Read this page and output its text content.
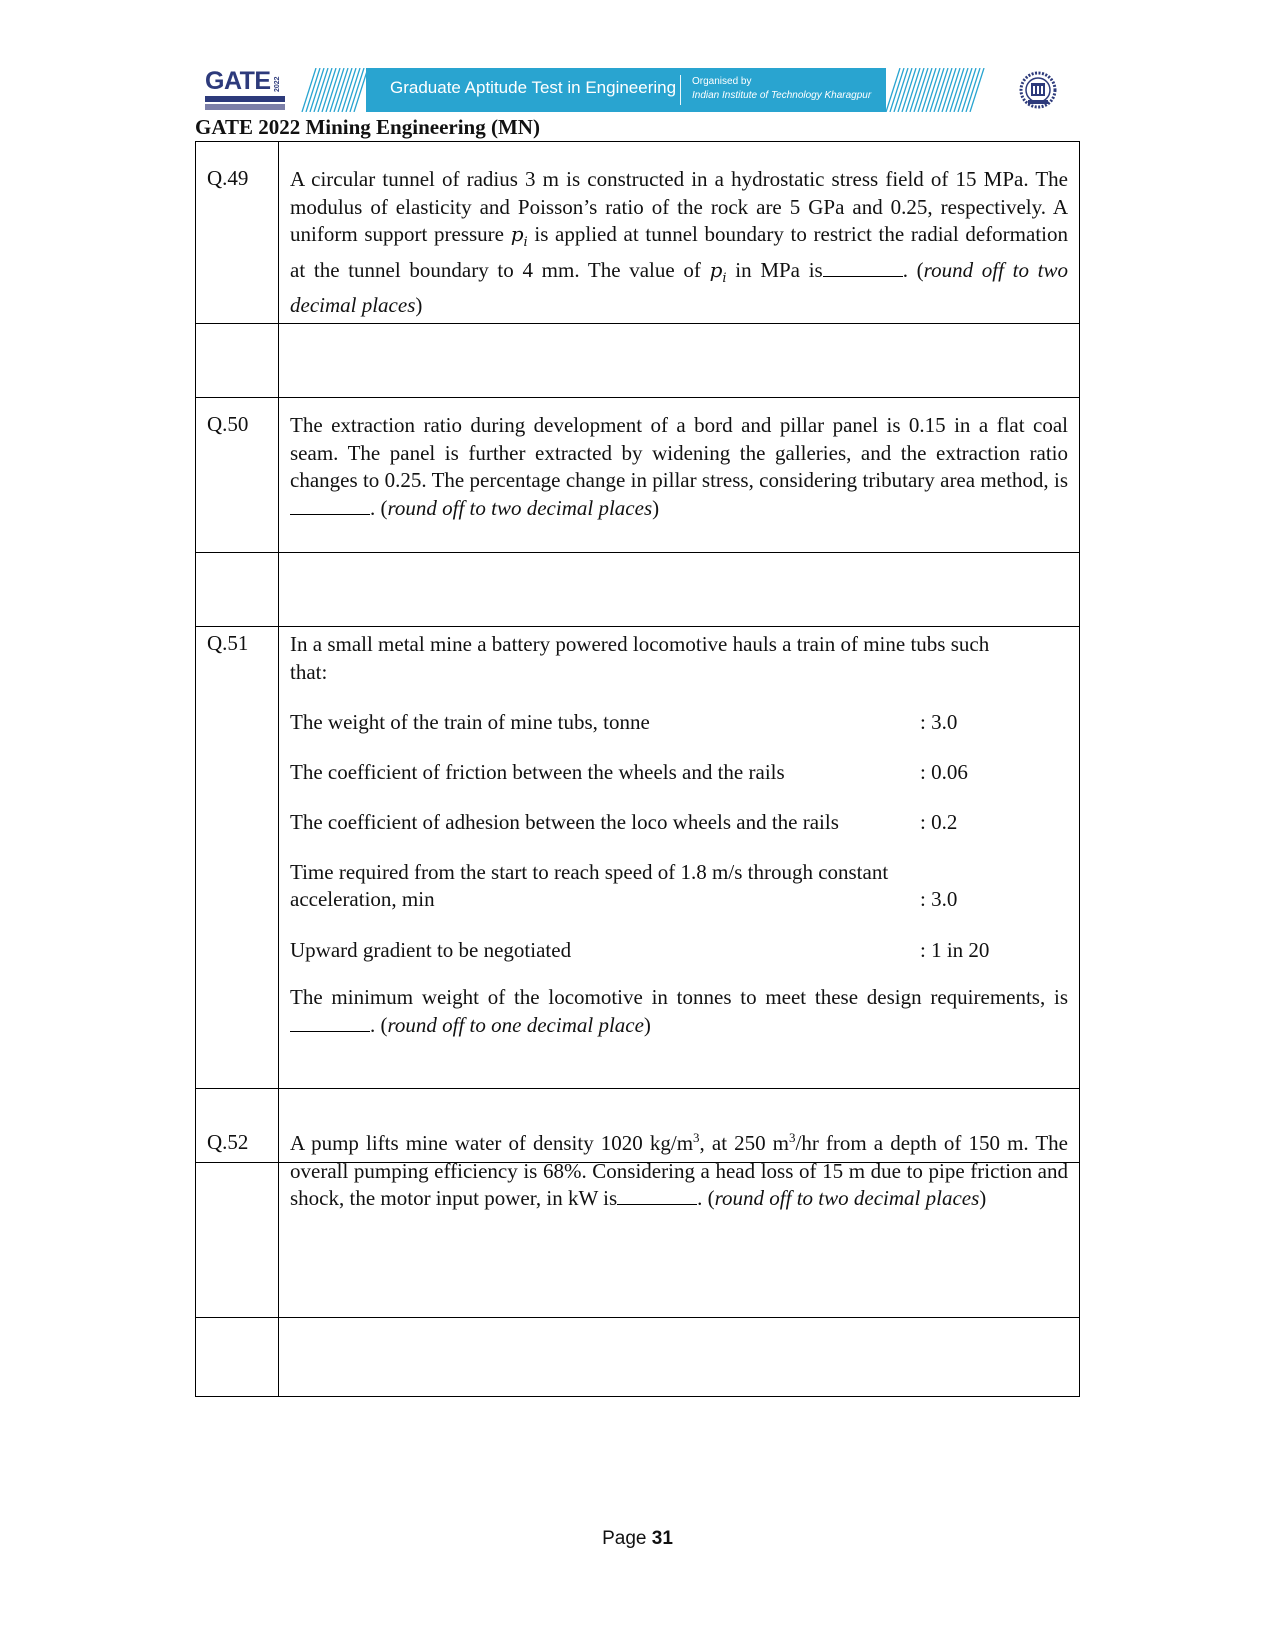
GATE 2022	Graduate Aptitude Test in Engineering Organised by
Indian Institute of Technology Kharagpur
GATE 2022 Mining Engineering (MN)
Q.49 A circular tunnel of radius 3 m is constructed in a hydrostatic stress field of 15 MPa. The modulus of elasticity and Poisson’s ratio of the rock are 5 GPa and 0.25, respectively. A uniform support pressure $p_i$ is applied at tunnel boundary to restrict the radial deformation at the tunnel boundary to 4 mm. The value of $p_i$ in MPa is	. (round off to two decimal places)

Q.50 The extraction ratio during development of a bord and pillar panel is 0.15 in a flat coal seam. The panel is further extracted by widening the galleries, and the extraction ratio changes to 0.25. The percentage change in pillar stress, considering tributary area method, is. (round off to two decimal places)

Q.51 In a small metal mine a battery powered locomotive hauls a train of mine tubs such that:

The weight of the train of mine tubs, tonne	: 3.0
The coefficient of friction between the wheels and the rails	: 0.06
The coefficient of adhesion between the loco wheels and the rails	: 0.2
Time required from the start to reach speed of 1.8 m/s through constant
acceleration, min	: 3.0
Upward gradient to be negotiated	: 1 in 20

The minimum weight of the locomotive in tonnes to meet these design requirements, is. (round off to one decimal place)

Q.52 A pump lifts mine water of density 1020 $kg/m^3$, at 250 $m^3/hr$ from a depth of 150 m. The overall pumping efficiency is 68%. Considering a head loss of 15 m due to pipe friction and shock, the motor input power, in kW is	. (round off to two decimal places)

Page 31
